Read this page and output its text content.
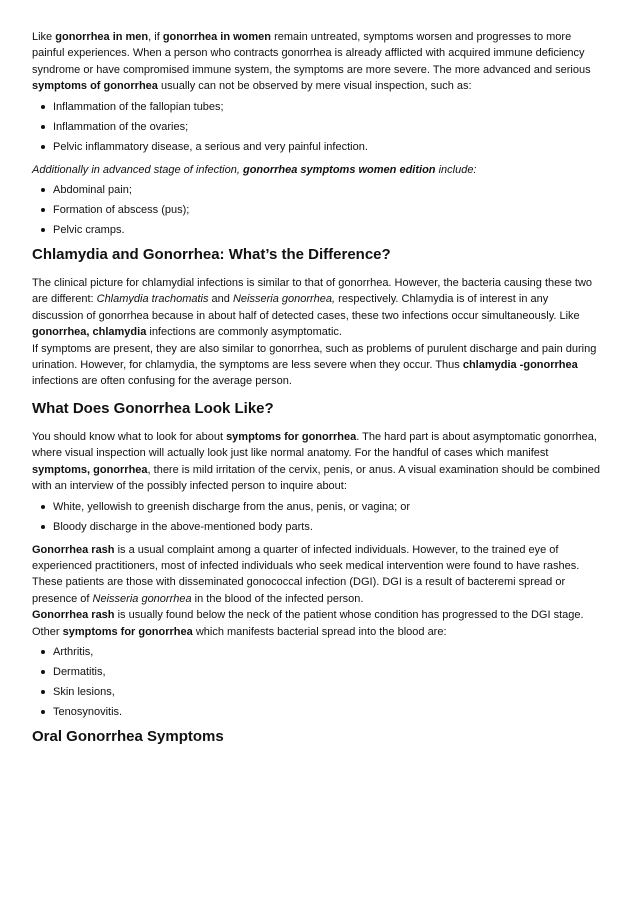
Like gonorrhea in men, if gonorrhea in women remain untreated, symptoms worsen and progresses to more painful experiences. When a person who contracts gonorrhea is already afflicted with acquired immune deficiency syndrome or have compromised immune system, the symptoms are more severe. The more advanced and serious symptoms of gonorrhea usually can not be observed by mere visual inspection, such as:

Inflammation of the fallopian tubes;
Inflammation of the ovaries;
Pelvic inflammatory disease, a serious and very painful infection.

Additionally in advanced stage of infection, gonorrhea symptoms women edition include:

Abdominal pain;
Formation of abscess (pus);
Pelvic cramps.
Chlamydia and Gonorrhea: What’s the Difference?

The clinical picture for chlamydial infections is similar to that of gonorrhea. However, the bacteria causing these two are different: Chlamydia trachomatis and Neisseria gonorrhea, respectively. Chlamydia is of interest in any discussion of gonorrhea because in about half of detected cases, these two infections occur simultaneously. Like gonorrhea, chlamydia infections are commonly asymptomatic.

If symptoms are present, they are also similar to gonorrhea, such as problems of purulent discharge and pain during urination. However, for chlamydia, the symptoms are less severe when they occur. Thus chlamydia -gonorrhea infections are often confusing for the average person.

What Does Gonorrhea Look Like?

You should know what to look for about symptoms for gonorrhea. The hard part is about asymptomatic gonorrhea, where visual inspection will actually look just like normal anatomy. For the handful of cases which manifest symptoms, gonorrhea, there is mild irritation of the cervix, penis, or anus. A visual examination should be combined with an interview of the possibly infected person to inquire about:

White, yellowish to greenish discharge from the anus, penis, or vagina; or
Bloody discharge in the above-mentioned body parts.

Gonorrhea rash is a usual complaint among a quarter of infected individuals. However, to the trained eye of experienced practitioners, most of infected individuals who seek medical intervention were found to have rashes. These patients are those with disseminated gonococcal infection (DGI). DGI is a result of bacteremi spread or presence of Neisseria gonorrhea in the blood of the infected person.

Gonorrhea rash is usually found below the neck of the patient whose condition has progressed to the DGI stage. Other symptoms for gonorrhea which manifests bacterial spread into the blood are:

Arthritis,
Dermatitis,
Skin lesions,
Tenosynovitis.
Oral Gonorrhea Symptoms
